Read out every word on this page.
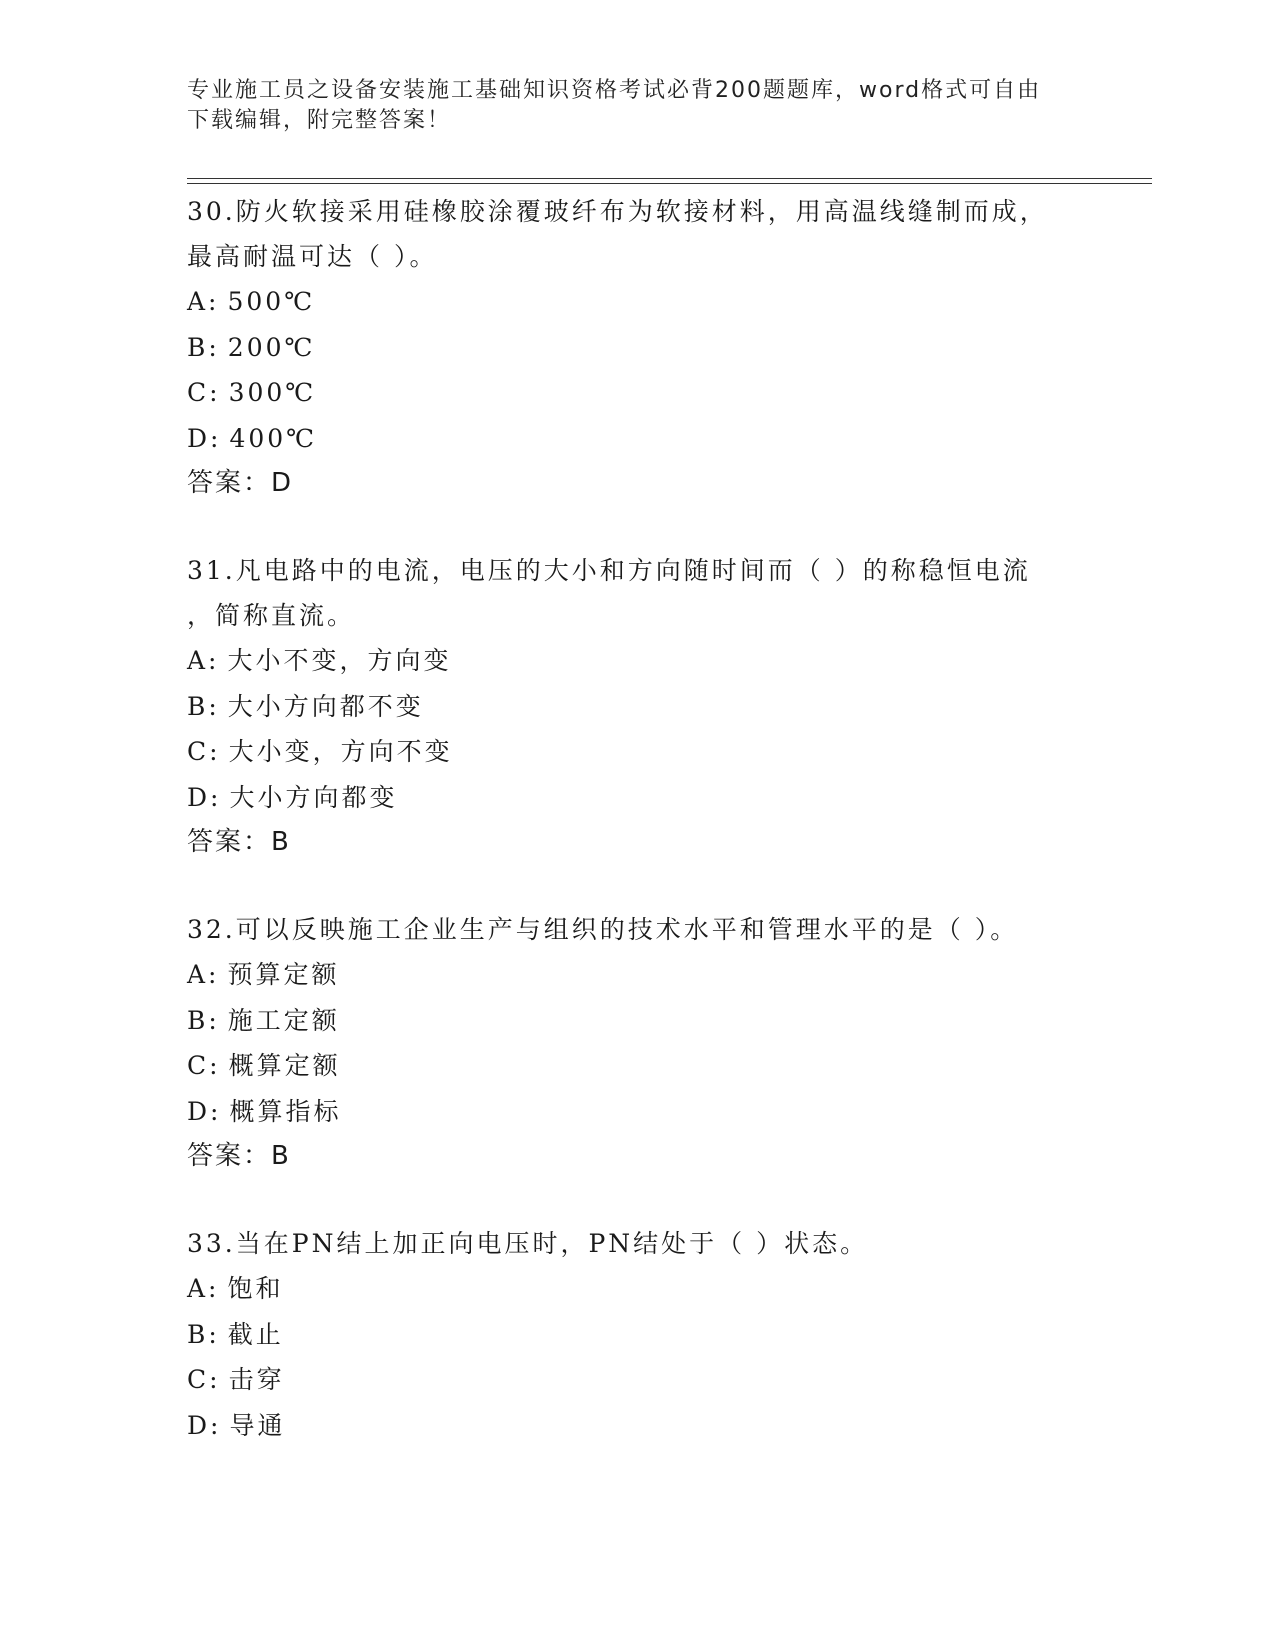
专业施工员之设备安装施工基础知识资格考试必背200题题库，word格式可自由
下载编辑，附完整答案！

30.防火软接采用硅橡胶涂覆玻纤布为软接材料，用高温线缝制而成，

最高耐温可达（ ）。

A: 500℃

B: 200℃

C: 300℃

D: 400℃

答案：D

31.凡电路中的电流，电压的大小和方向随时间而（ ）的称稳恒电流

，简称直流。

A: 大小不变，方向变

B: 大小方向都不变

C: 大小变，方向不变

D: 大小方向都变

答案：B

32.可以反映施工企业生产与组织的技术水平和管理水平的是（ ）。

A: 预算定额

B: 施工定额

C: 概算定额

D: 概算指标

答案：B

33.当在PN结上加正向电压时，PN结处于（ ）状态。

A: 饱和

B: 截止

C: 击穿

D: 导通
